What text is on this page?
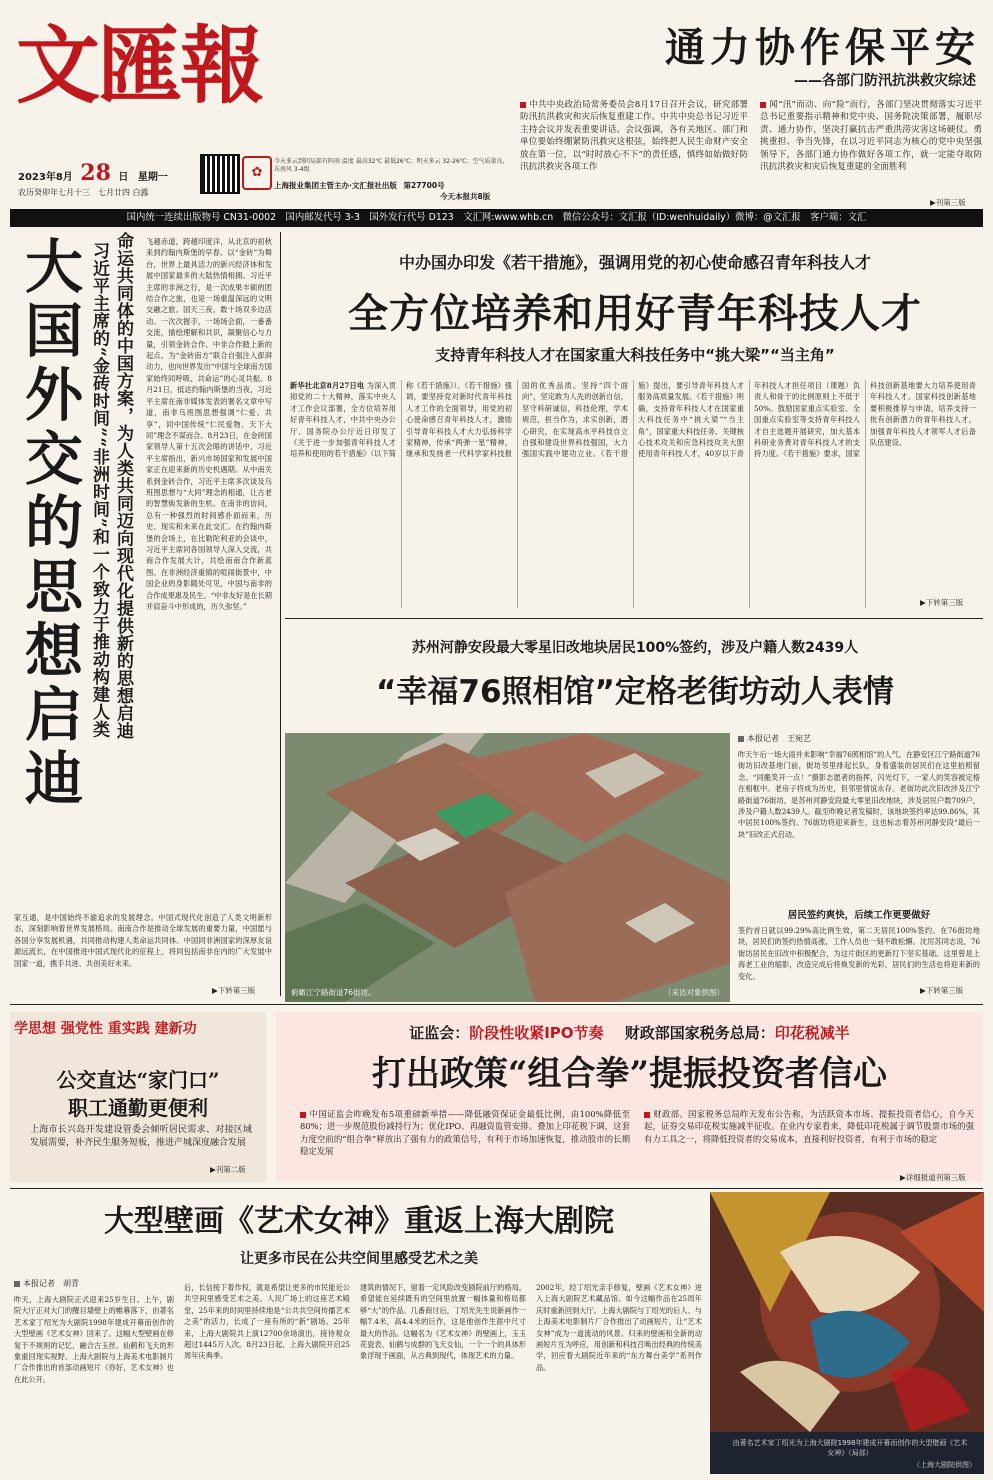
文匯報
2023年8月 28 日 星期一
农历癸卯年七月十三　七月廿四 白露
✿
今天多云到阴局部有阵雨 温度 最高32℃ 最低26℃；明天多云 32-26℃；空气质量良，东南风 3-4级
上海报业集团主管主办·文汇报社出版 第27700号
今天本报共8版
通力协作保平安
——各部门防汛抗洪救灾综述
中共中央政治局常务委员会8月17日召开会议，研究部署防汛抗洪救灾和灾后恢复重建工作。中共中央总书记习近平主持会议并发表重要讲话。会议强调，各有关地区、部门和单位要始终绷紧防汛救灾这根弦，始终把人民生命财产安全放在第一位，以“时时放心不下”的责任感，慎终如始做好防汛抗洪救灾各项工作
闻“汛”而动、向“险”而行，各部门坚决贯彻落实习近平总书记重要指示精神和党中央、国务院决策部署，履职尽责、通力协作，坚决打赢抗击严重洪涝灾害这场硬仗。勇挑重担、争当先锋，在以习近平同志为核心的党中央坚强领导下，各部门通力协作做好各项工作，就一定能夺取防汛抗洪救灾和灾后恢复重建的全面胜利
▶刊第三版
国内统一连续出版物号 CN31-0002　国内邮发代号 3-3　国外发行代号 D123　文汇网:www.whb.cn　微信公众号：文汇报（ID:wenhuidaily）微博：@文汇报　客户端：文汇
大国外交的思想启迪 命运共同体的中国方案，为人类共同迈向现代化提供新的思想启迪
习近平主席的“金砖时间”“非洲时间”和一个致力于推动构建人类
飞越赤道，跨越印度洋，从北京的初秋来到约翰内斯堡的早春。以“金砖”为舞台，世界上最具活力的新兴经济体和发展中国家最多的大陆热情相拥。习近平主席的非洲之行，是一次成果丰硕的团结合作之旅，也是一场重温深远的文明交融之旅。国天三夜，数十场双多边活动。一次次握手，一场场会面，一番番交流，描绘理解和共识，凝聚信心与力量，引领金砖合作、中非合作踏上新的起点。为“金砖南方”联合自强注入澎湃动力，也向世界发出“中国与全球南方国家始终同呼吸、共命运”的心灵共振。8月21日，抵达约翰内斯堡的当夜，习近平主席在南非媒体发表的署名文章中写道，南非乌班图思想强调“仁爱、共享”，同中国传统“仁民爱物、天下大同”理念不谋而合。8月23日，在金砖国家领导人第十五次会晤的讲话中，习近平主席指出，新兴市场国家和发展中国家正在迎来新的历史机遇期。从中南关系到金砖合作，习近平主席多次谈及乌班图思想与“大同”理念的相通，让古老的智慧焕发新的生机。在南非的访问，总有一种强烈的时间感扑面而来，历史、现实和未来在此交汇。在约翰内斯堡的会场上，在比勒陀利亚的会谈中，习近平主席同各国领导人深入交流，共商合作发展大计，共绘南南合作新蓝图。在非洲经济重镇的喧闹街景中，中国企业的身影随处可见，中国与南非的合作成果惠及民生。“中非友好是在长期并肩奋斗中形成的，历久弥坚。”
家互通，是中国始终不渝追求的发展理念。中国式现代化创造了人类文明新形态，深刻影响着世界发展格局。南南合作是推动全球发展的重要力量，中国愿与各国分享发展机遇，共同推动构建人类命运共同体。中国同非洲国家的深厚友谊源远流长，在中国推进中国式现代化的征程上，将同包括南非在内的广大发展中国家一道，携手共进、共创美好未来。
▶下转第三版
中办国办印发《若干措施》，强调用党的初心使命感召青年科技人才
全方位培养和用好青年科技人才
支持青年科技人才在国家重大科技任务中“挑大梁”“当主角”
新华社北京8月27日电 为深入贯彻党的二十大精神，落实中央人才工作会议部署，全方位培养用好青年科技人才，中共中央办公厅、国务院办公厅近日印发了《关于进一步加强青年科技人才培养和使用的若干措施》（以下简称《若干措施》）。《若干措施》强调，要坚持党对新时代青年科技人才工作的全面领导，用党的初心使命感召青年科技人才，激励引导青年科技人才大力弘扬科学家精神，传承“两弹一星”精神，继承和发扬老一代科学家科技报国的优秀品质。坚持“四个面向”，坚定敢为人先的创新自信，坚守科研诚信，科技伦理，学术规范，担当作为，求实创新，潜心研究，在实现高水平科技自立自强和建设世界科技强国，大力强国实践中建功立业。《若干措施》提出，要引导青年科技人才服务高质量发展。《若干措施》明确，支持青年科技人才在国家重大科技任务中“挑大梁”“当主角”，国家重大科技任务、关键核心技术攻关和应急科技攻关大胆使用青年科技人才，40岁以下青年科技人才担任项目（课题）负责人和骨干的比例原则上不低于50%。鼓励国家重点实验室、全国重点实验室等支持青年科技人才自主选题开展研究，加大基本科研业务费对青年科技人才的支持力度。《若干措施》要求，国家科技创新基地要大力培养使用青年科技人才。国家科技创新基地要积极推荐与申请，培养支持一批有创新潜力的青年科技人才，加强青年科技人才领军人才后备队伍建设。
▶下转第三版
苏州河静安段最大零星旧改地块居民100%签约，涉及户籍人数2439人
“幸福76照相馆”定格老街坊动人表情
俯瞰江宁路街道76街坊。	（采访对象供图）
本报记者　王宛艺
昨天午后一场大雨并未影响“幸福76照相馆”的人气。在静安区江宁路街道76街坊旧改基地门前，街坊邻里排起长队，身着盛装的居民们在这里拍照留念。“同搬笑开一点！”摄影志愿者的指挥，闪光灯下，一家人的笑容被定格在相框中。老房子将成为历史，但邻里情谊永存。老街坊此次旧改涉及江宁路街道76街坊，是苏州河静安段最大零星旧改地块，涉及居民户数709户，涉及户籍人数2439人。截至昨晚记者发稿时，该地块签约率达99.86%，其中居民100%签约。76街坊将迎来新生，这也标志着苏州河静安段“最后一块”旧改正式启动。
居民签约爽快，后续工作更要做好
签约首日就以99.29%高比例生效，第二天居民100%签约。在76街坊地块，居民们的签约热情高涨，工作人员也一刻不敢松懈。沈厉苏同志说，76街坊居民在旧改中积极配合，为这片街区的更新打下坚实基础。这里曾是上海老工业的缩影，改造完成后将焕发新的光彩，居民们的生活也将迎来新的变化。
▶下转第三版
学思想 强党性 重实践 建新功
公交直达“家门口”
职工通勤更便利
上海市长兴岛开发建设管委会倾听居民需求、对接区域发展需要，补齐民生服务短板，推进产城深度融合发展
▶刊第二版
证监会：阶段性收紧IPO节奏 财政部国家税务总局：印花税减半
打出政策“组合拳”提振投资者信心
中国证监会昨晚发布5项重磅新举措——降低融资保证金最低比例，由100%降低至80%；进一步规范股份减持行为；优化IPO、再融资监管安排。叠加上印花税下调，这套力度空前的“组合拳”释放出了强有力的政策信号，有利于市场加速恢复，推动股市的长期稳定发展
财政部、国家税务总局昨天发布公告称，为活跃资本市场、提振投资者信心，自今天起，证券交易印花税实施减半征收。在业内专家看来，降低印花税属于调节股票市场的强有力工具之一，将降低投资者的交易成本，直接利好投资者，有利于市场的稳定
▶详细报道刊第三版
大型壁画《艺术女神》重返上海大剧院
让更多市民在公共空间里感受艺术之美
本报记者　胡青
昨天，上海大剧院正式迎来25岁生日。上午，剧院大厅正对大门的醒目墙壁上的帷幕落下，由著名艺术家丁绍光为大剧院1998年建成开幕而创作的大型壁画《艺术女神》回来了。这幅大型壁画在修复于不规则的记忆，融合古玉丝、仙鹤和飞天的形象重回现实视野。上海大剧院与上海美术电影制片厂合作推出的首部动画短片《你好，艺术女神》也在此公开。
后，长信接下着作权，就是希望让更多的市民能近公共空间里感受艺术之美。人民广场上的这座艺术殿堂，25年来的时间里持续地是“公共共空间传播艺术之美”的活力，长成了一座有所的“新”剧场。25年来，上海大剧院共上演12700余场演出，接待观众超过1445万人次。8月23日起，上海大剧院开启25周年庆典季。
建筑的情况下，留着一定风险改变剧院前厅的格局。希望能在延续既有的空间里放置一幅体量和格局都够“大”的作品。几番商讨后，丁绍光先生说新画作一幅7.4米，高4.4米的巨作，这是他创作生涯中尺寸最大的作品。这幅名为《艺术女神》的壁画上，玉玉花瓷表、仙鹤与成群的飞天女仙，一个一个的具体形象浮现于画面，从古典到现代，体现艺术的力量。
2002年，经丁绍光亲手修复，壁画《艺术女神》进入上海大剧院艺术藏品馆。如今这幅作品在25周年庆时重新回到大厅。上海大剧院与丁绍光的后人、与上海美术电影制片厂合作推出了动画短片，让“艺术女神”成为一道流动的风景。归来的壁画和全新的动画短片互为呼应，用创新和科技召唤出经典的传统美学，回应着大剧院近年来的“东方舞台美学”系列作品。
由著名艺术家丁绍光为上海大剧院1998年建成开幕而创作的大型壁画《艺术女神》（局部）
（上海大剧院供图）
